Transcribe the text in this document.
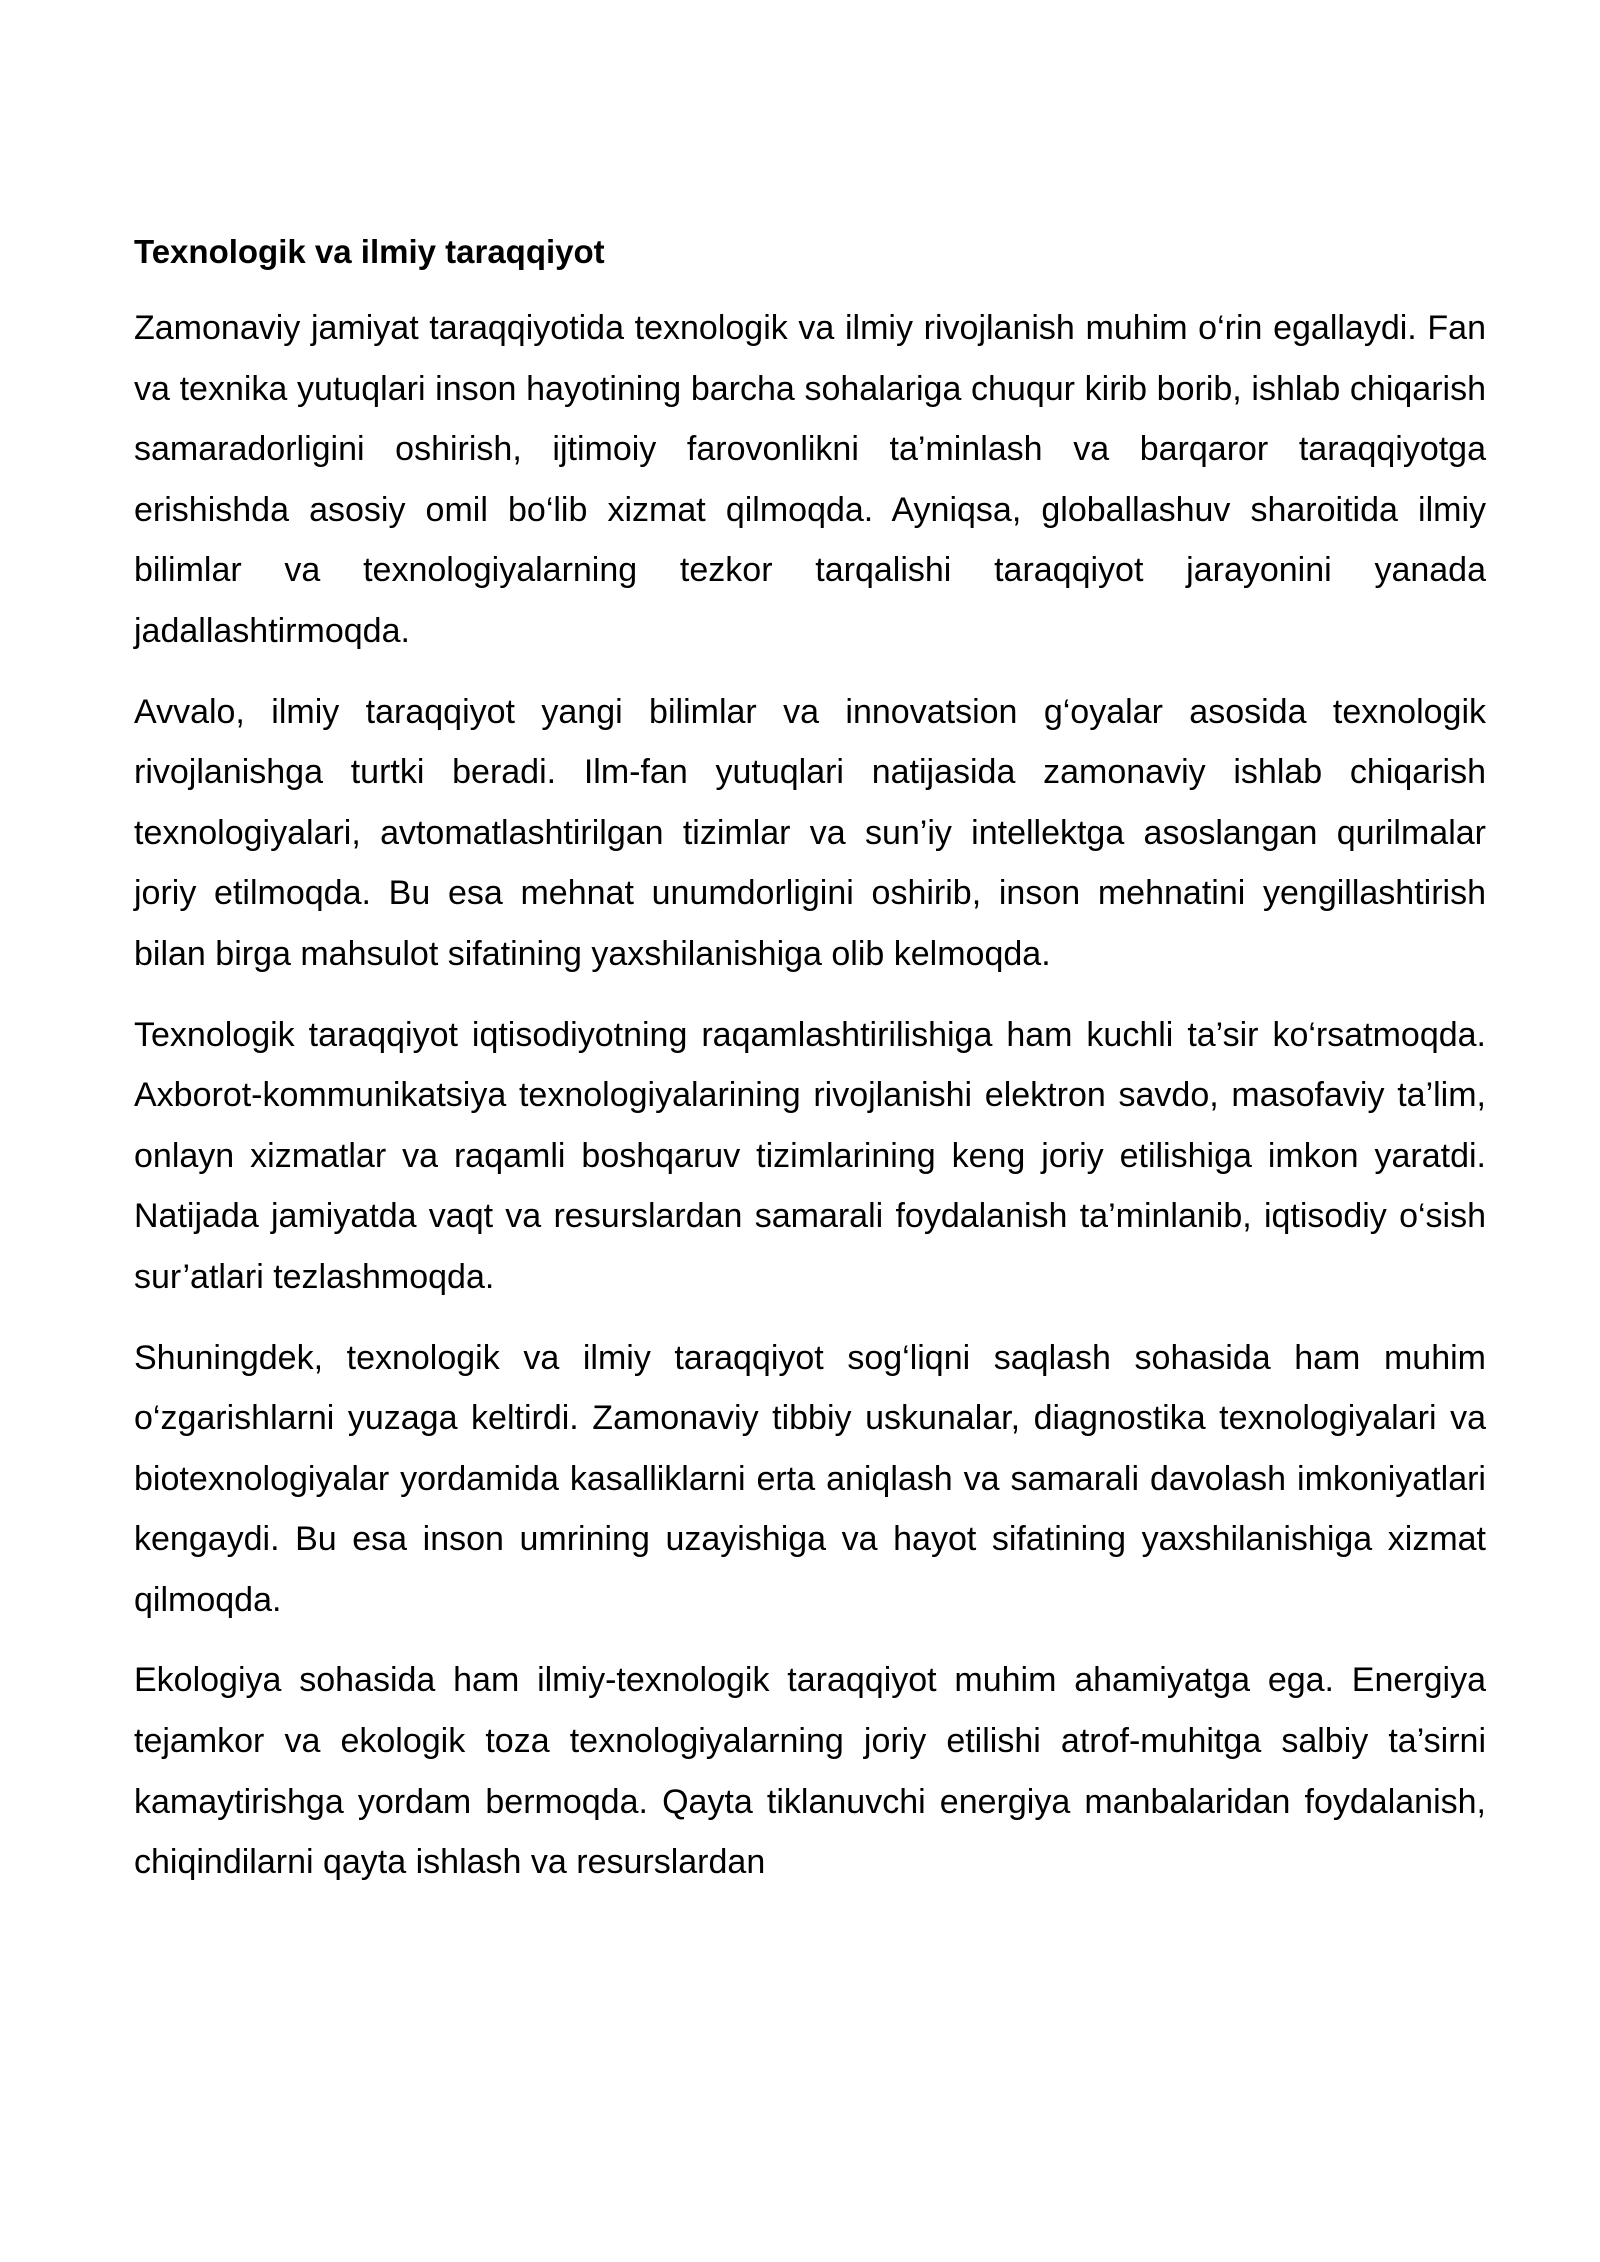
Texnologik va ilmiy taraqqiyot

Zamonaviy jamiyat taraqqiyotida texnologik va ilmiy rivojlanish muhim o‘rin egallaydi. Fan va texnika yutuqlari inson hayotining barcha sohalariga chuqur kirib borib, ishlab chiqarish samaradorligini oshirish, ijtimoiy farovonlikni ta’minlash va barqaror taraqqiyotga erishishda asosiy omil bo‘lib xizmat qilmoqda. Ayniqsa, globallashuv sharoitida ilmiy bilimlar va texnologiyalarning tezkor tarqalishi taraqqiyot jarayonini yanada jadallashtirmoqda.

Avvalo, ilmiy taraqqiyot yangi bilimlar va innovatsion g‘oyalar asosida texnologik rivojlanishga turtki beradi. Ilm-fan yutuqlari natijasida zamonaviy ishlab chiqarish texnologiyalari, avtomatlashtirilgan tizimlar va sun’iy intellektga asoslangan qurilmalar joriy etilmoqda. Bu esa mehnat unumdorligini oshirib, inson mehnatini yengillashtirish bilan birga mahsulot sifatining yaxshilanishiga olib kelmoqda.

Texnologik taraqqiyot iqtisodiyotning raqamlashtirilishiga ham kuchli ta’sir ko‘rsatmoqda. Axborot-kommunikatsiya texnologiyalarining rivojlanishi elektron savdo, masofaviy ta’lim, onlayn xizmatlar va raqamli boshqaruv tizimlarining keng joriy etilishiga imkon yaratdi. Natijada jamiyatda vaqt va resurslardan samarali foydalanish ta’minlanib, iqtisodiy o‘sish sur’atlari tezlashmoqda.

Shuningdek, texnologik va ilmiy taraqqiyot sog‘liqni saqlash sohasida ham muhim o‘zgarishlarni yuzaga keltirdi. Zamonaviy tibbiy uskunalar, diagnostika texnologiyalari va biotexnologiyalar yordamida kasalliklarni erta aniqlash va samarali davolash imkoniyatlari kengaydi. Bu esa inson umrining uzayishiga va hayot sifatining yaxshilanishiga xizmat qilmoqda.

Ekologiya sohasida ham ilmiy-texnologik taraqqiyot muhim ahamiyatga ega. Energiya tejamkor va ekologik toza texnologiyalarning joriy etilishi atrof-muhitga salbiy ta’sirni kamaytirishga yordam bermoqda. Qayta tiklanuvchi energiya manbalaridan foydalanish, chiqindilarni qayta ishlash va resurslardan
